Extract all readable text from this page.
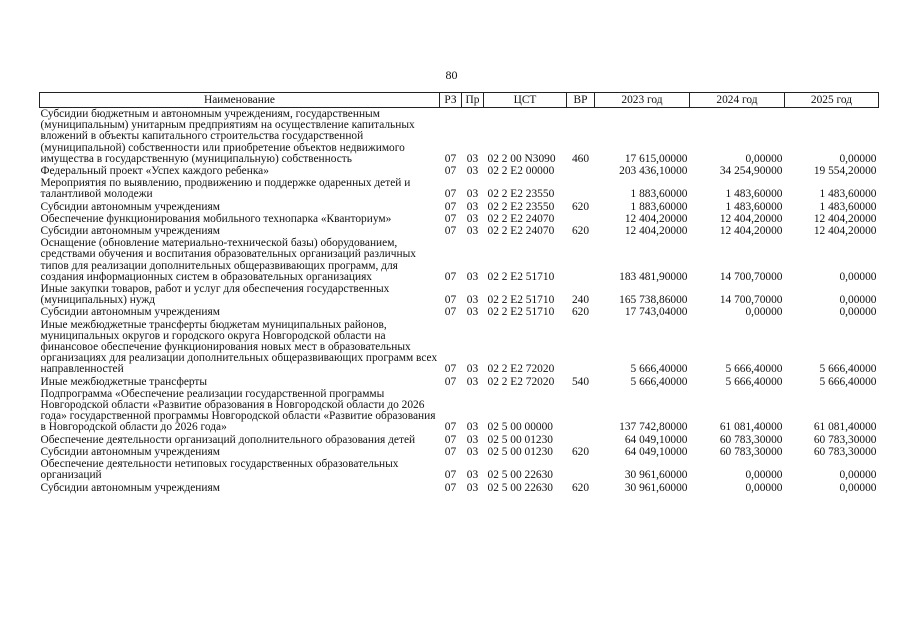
80
Наименование	РЗ	Пр	ЦСТ	ВР	2023 год	2024 год	2025 год
Субсидии бюджетным и автономным учреждениям, государственным (муниципальным) унитарным предприятиям на осуществление капитальных вложений в объекты капитального строительства государственной (муниципальной) собственности или приобретение объектов недвижимого имущества в государственную (муниципальную) собственность	07	03	02 2 00 N3090	460	17 615,00000	0,00000	0,00000
Федеральный проект «Успех каждого ребенка»	07	03	02 2 E2 00000		203 436,10000	34 254,90000	19 554,20000
Мероприятия по выявлению, продвижению и поддержке одаренных детей и талантливой молодежи	07	03	02 2 E2 23550		1 883,60000	1 483,60000	1 483,60000
Субсидии автономным учреждениям	07	03	02 2 E2 23550	620	1 883,60000	1 483,60000	1 483,60000
Обеспечение функционирования мобильного технопарка «Кванториум»	07	03	02 2 E2 24070		12 404,20000	12 404,20000	12 404,20000
Субсидии автономным учреждениям	07	03	02 2 E2 24070	620	12 404,20000	12 404,20000	12 404,20000
Оснащение (обновление материально-технической базы) оборудованием, средствами обучения и воспитания образовательных организаций различных типов для реализации дополнительных общеразвивающих программ, для создания информационных систем в образовательных организациях	07	03	02 2 E2 51710		183 481,90000	14 700,70000	0,00000
Иные закупки товаров, работ и услуг для обеспечения государственных (муниципальных) нужд	07	03	02 2 E2 51710	240	165 738,86000	14 700,70000	0,00000
Субсидии автономным учреждениям	07	03	02 2 E2 51710	620	17 743,04000	0,00000	0,00000
Иные межбюджетные трансферты бюджетам муниципальных районов, муниципальных округов и городского округа Новгородской области на финансовое обеспечение функционирования новых мест в образовательных организациях для реализации дополнительных общеразвивающих программ всех направленностей	07	03	02 2 E2 72020		5 666,40000	5 666,40000	5 666,40000
Иные межбюджетные трансферты	07	03	02 2 E2 72020	540	5 666,40000	5 666,40000	5 666,40000
Подпрограмма «Обеспечение реализации государственной программы Новгородской области «Развитие образования в Новгородской области до 2026 года» государственной программы Новгородской области «Развитие образования в Новгородской области до 2026 года»	07	03	02 5 00 00000		137 742,80000	61 081,40000	61 081,40000
Обеспечение деятельности организаций дополнительного образования детей	07	03	02 5 00 01230		64 049,10000	60 783,30000	60 783,30000
Субсидии автономным учреждениям	07	03	02 5 00 01230	620	64 049,10000	60 783,30000	60 783,30000
Обеспечение деятельности нетиповых государственных образовательных организаций	07	03	02 5 00 22630		30 961,60000	0,00000	0,00000
Субсидии автономным учреждениям	07	03	02 5 00 22630	620	30 961,60000	0,00000	0,00000
